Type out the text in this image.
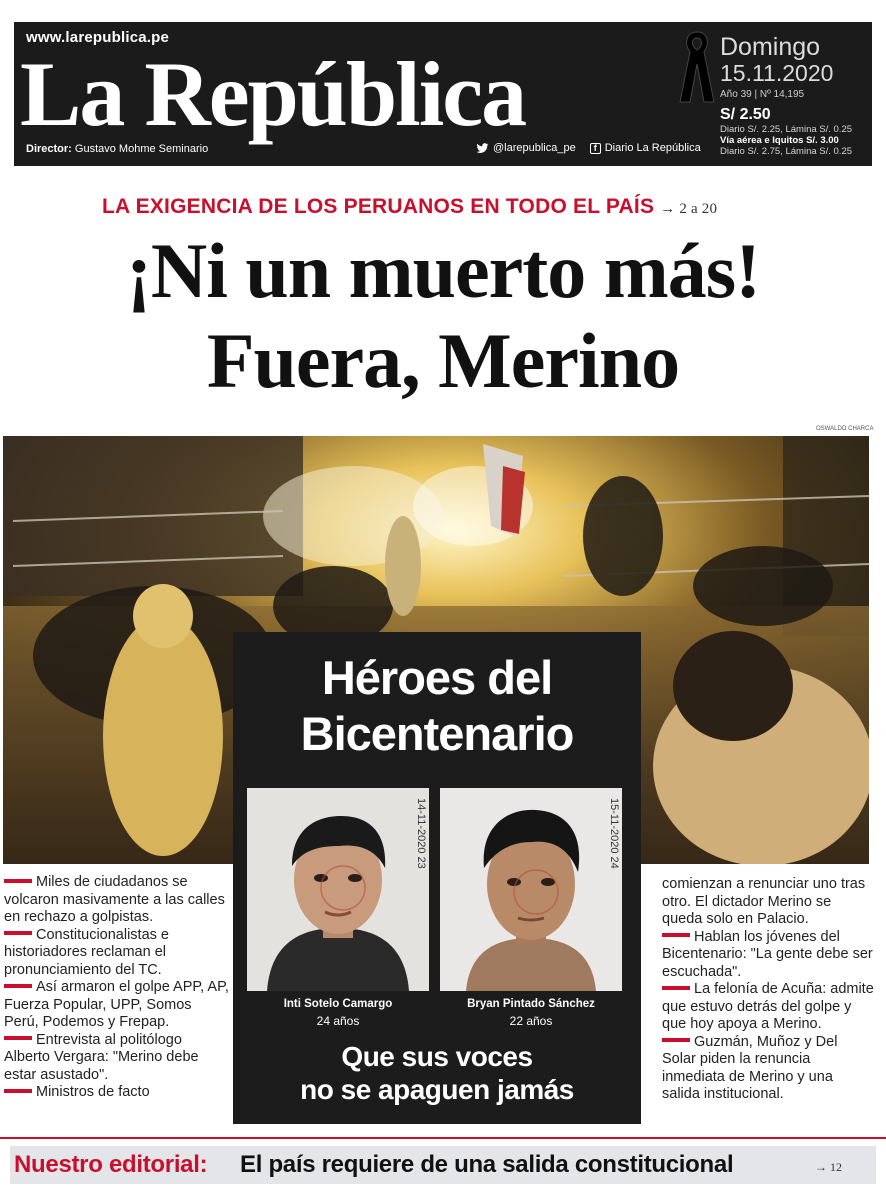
www.larepublica.pe
La República
Director: Gustavo Mohme Seminario	@larepublica_pe	f Diario La República
Domingo
15.11.2020
Año 39 | Nº 14,195
S/ 2.50
Diario S/. 2.25, Lámina S/. 0.25
Vía aérea e Iquitos S/. 3.00
Diario S/. 2.75, Lámina S/. 0.25
LA EXIGENCIA DE LOS PERUANOS EN TODO EL PAÍS → 2 a 20
¡Ni un muerto más!
Fuera, Merino
OSWALDO CHARCA
Héroes del
Bicentenario
14-11-2020 23	15-11-2020 24
Inti Sotelo Camargo
24 años
Bryan Pintado Sánchez
22 años
Que sus voces
no se apaguen jamás

Miles de ciudadanos se volcaron masivamente a las calles en rechazo a golpistas.

Constitucionalistas e historiadores reclaman el pronunciamiento del TC.

Así armaron el golpe APP, AP, Fuerza Popular, UPP, Somos Perú, Podemos y Frepap.

Entrevista al politólogo Alberto Vergara: "Merino debe estar asustado".

Ministros de facto

comienzan a renunciar uno tras otro. El dictador Merino se queda solo en Palacio.

Hablan los jóvenes del Bicentenario: "La gente debe ser escuchada".

La felonía de Acuña: admite que estuvo detrás del golpe y que hoy apoya a Merino.

Guzmán, Muñoz y Del Solar piden la renuncia inmediata de Merino y una salida institucional.

Nuestro editorial: El país requiere de una salida constitucional	→ 12
